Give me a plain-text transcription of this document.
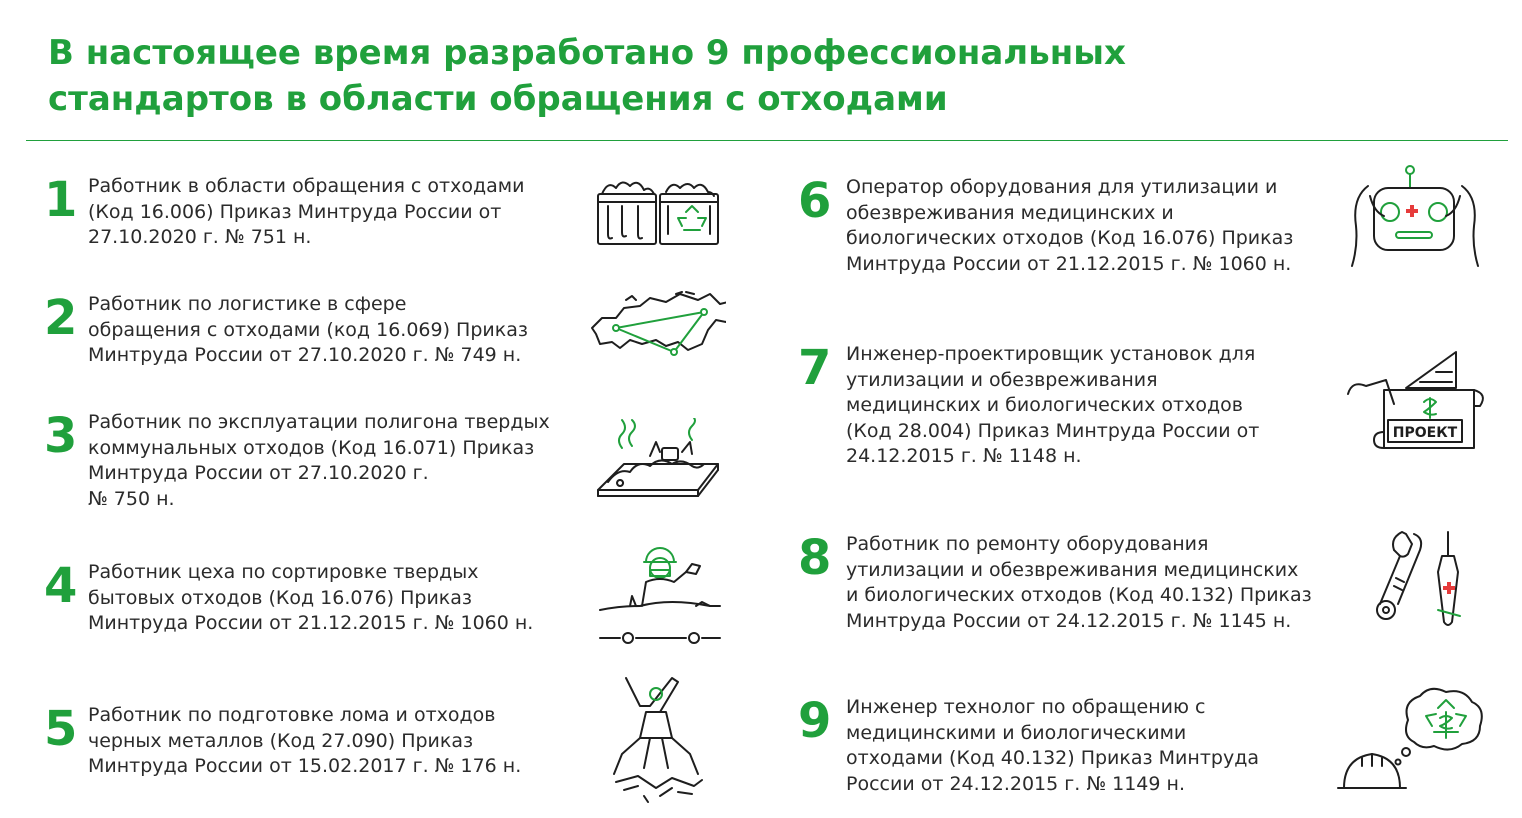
В настоящее время разработано 9 профессиональных
стандартов в области обращения с отходами
1 Работник в области обращения с отходами
(Код 16.006) Приказ Минтруда России от
27.10.2020 г. № 751 н.
2 Работник по логистике в сфере
обращения с отходами (код 16.069) Приказ
Минтруда России от 27.10.2020 г. № 749 н.
3 Работник по эксплуатации полигона твердых
коммунальных отходов (Код 16.071) Приказ
Минтруда России от 27.10.2020 г.
№ 750 н.
4 Работник цеха по сортировке твердых
бытовых отходов (Код 16.076) Приказ
Минтруда России от 21.12.2015 г. № 1060 н.
5 Работник по подготовке лома и отходов
черных металлов (Код 27.090) Приказ
Минтруда России от 15.02.2017 г. № 176 н.
6 Оператор оборудования для утилизации и
обезвреживания медицинских и
биологических отходов (Код 16.076) Приказ
Минтруда России от 21.12.2015 г. № 1060 н.
7 Инженер-проектировщик установок для
утилизации и обезвреживания
медицинских и биологических отходов
(Код 28.004) Приказ Минтруда России от
24.12.2015 г. № 1148 н.
ПРОЕКТ
8 Работник по ремонту оборудования
утилизации и обезвреживания медицинских
и биологических отходов (Код 40.132) Приказ
Минтруда России от 24.12.2015 г. № 1145 н.
9 Инженер технолог по обращению с
медицинскими и биологическими
отходами (Код 40.132) Приказ Минтруда
России от 24.12.2015 г. № 1149 н.
